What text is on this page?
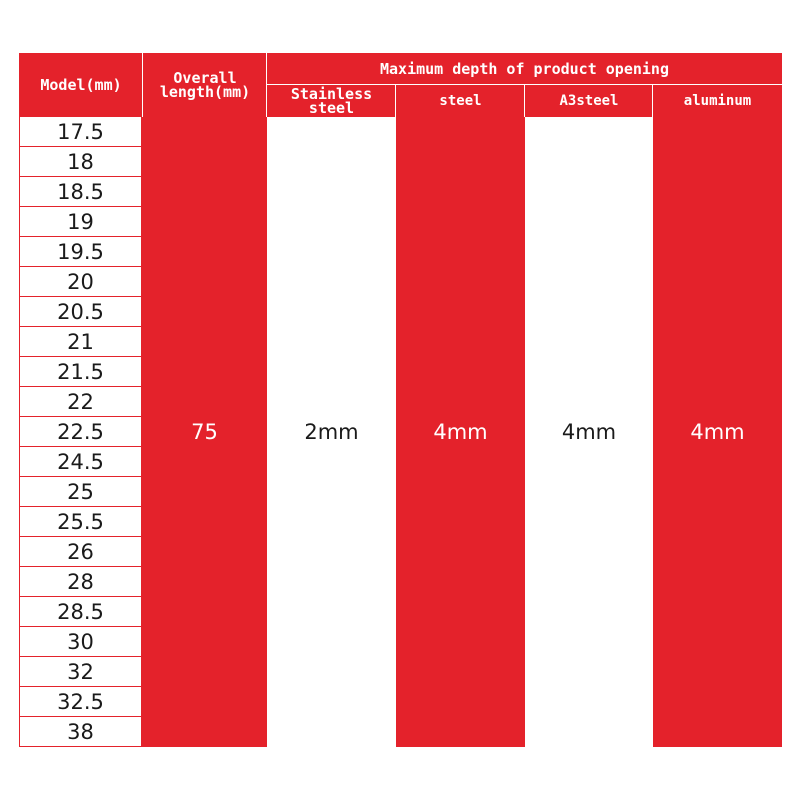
Model(mm)	Overall
length(mm)
Maximum depth of product opening
Stainless
steel	steel	A3steel	aluminum
17.5
18
18.5
19
19.5
20
20.5
21
21.5
22
22.5
24.5
25
25.5
26
28
28.5
30
32
32.5
38
75	2mm	4mm	4mm	4mm
